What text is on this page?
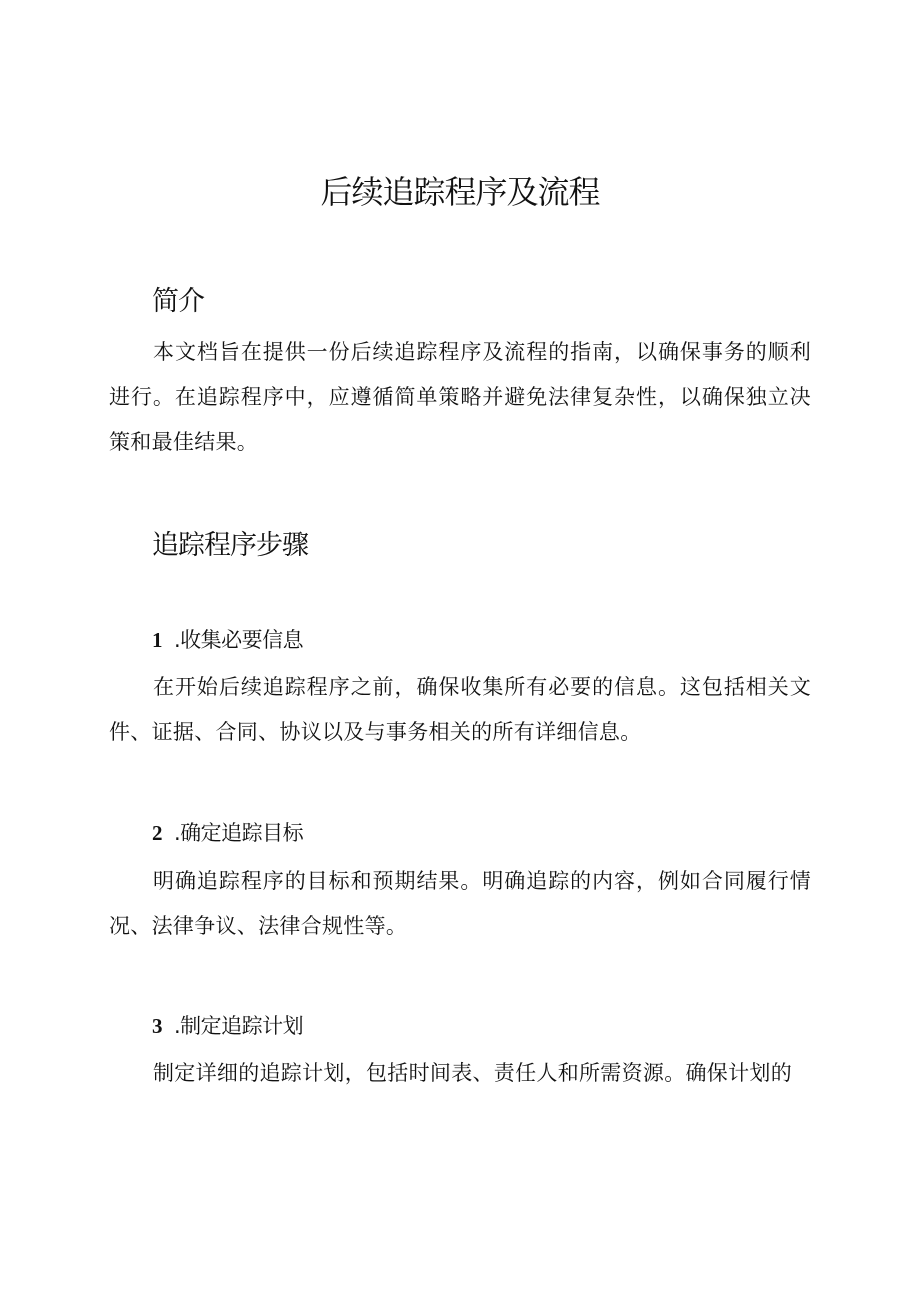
后续追踪程序及流程
简介

本文档旨在提供一份后续追踪程序及流程的指南，以确保事务的顺利进行。在追踪程序中，应遵循简单策略并避免法律复杂性，以确保独立决策和最佳结果。

追踪程序步骤
1 .收集必要信息

在开始后续追踪程序之前，确保收集所有必要的信息。这包括相关文件、证据、合同、协议以及与事务相关的所有详细信息。

2 .确定追踪目标

明确追踪程序的目标和预期结果。明确追踪的内容，例如合同履行情况、法律争议、法律合规性等。

3 .制定追踪计划

制定详细的追踪计划，包括时间表、责任人和所需资源。确保计划的
